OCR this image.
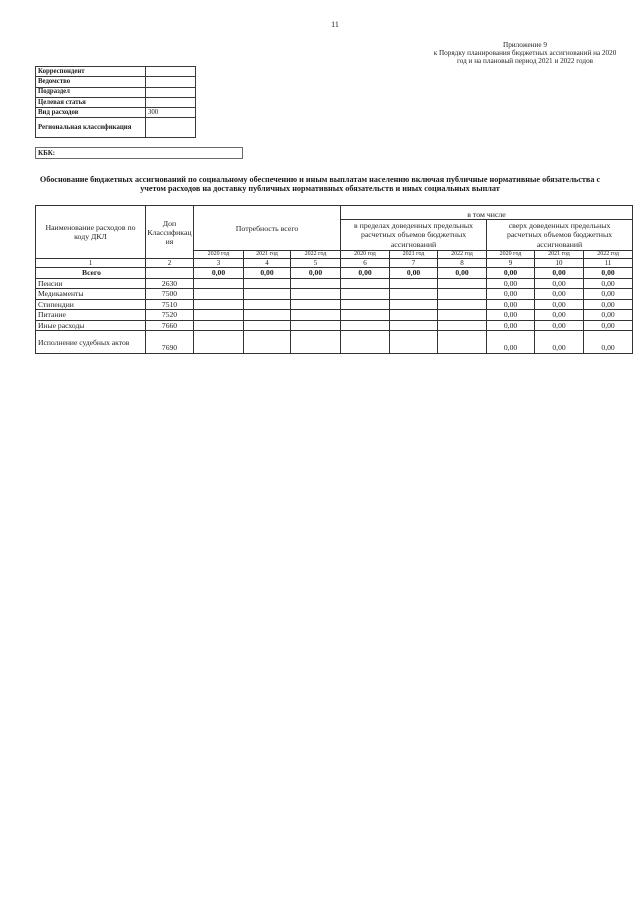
11
Приложение 9
к Порядку планирования бюджетных ассигнований на 2020
год и на плановый период 2021 и 2022 годов
Корреспондент	
Ведомство	
Подраздел	
Целевая статья	
Вид расходов	300
Региональная классификация	
КБК:
Обоснование бюджетных ассигнований по социальному обеспечению и иным выплатам населению включая публичные нормативные обязательства с
учетом расходов на доставку публичных нормативных обязательств и иных социальных выплат
Наименование расходов по коду ДКЛ	Доп Классификация	Потребность всего			в том числе					
					в пределах доведенных предельных расчетных объемов бюджетных ассигнований			сверх доведенных предельных расчетных объемов бюджетных ассигнований		
		2020 год	2021 год	2022 год	2020 год	2021 год	2022 год	2020 год	2021 год	2022 год
1	2	3	4	5	6	7	8	9	10	11
Всего		0,00	0,00	0,00	0,00	0,00	0,00	0,00	0,00	0,00
Пенсии	2630							0,00	0,00	0,00
Медикаменты	7500							0,00	0,00	0,00
Стипендии	7510							0,00	0,00	0,00
Питание	7520							0,00	0,00	0,00
Иные расходы	7660							0,00	0,00	0,00
Исполнение судебных актов	7690							0,00	0,00	0,00
